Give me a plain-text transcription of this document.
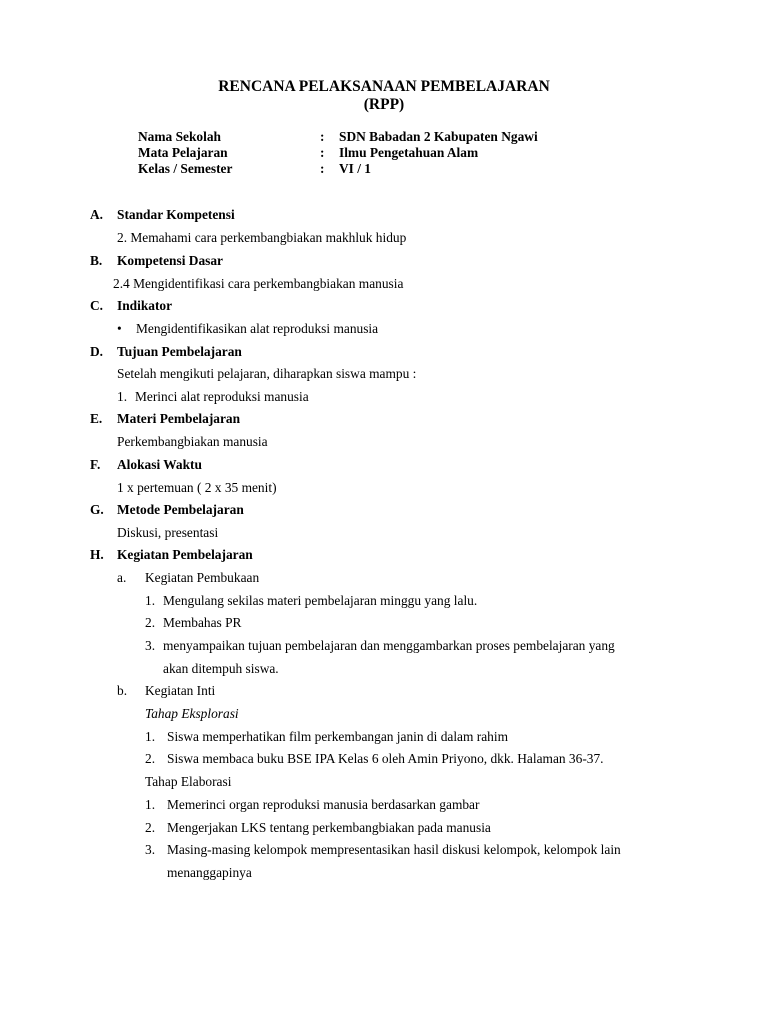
RENCANA PELAKSANAAN PEMBELAJARAN
(RPP)
Nama Sekolah	: SDN Babadan 2 Kabupaten Ngawi
Mata Pelajaran	: Ilmu Pengetahuan Alam
Kelas / Semester	: VI / 1
A. Standar Kompetensi
2. Memahami cara perkembangbiakan makhluk hidup
B. Kompetensi Dasar
2.4 Mengidentifikasi cara perkembangbiakan manusia
C. Indikator
• Mengidentifikasikan alat reproduksi manusia
D. Tujuan Pembelajaran
Setelah mengikuti pelajaran, diharapkan siswa mampu :
1. Merinci alat reproduksi manusia
E. Materi Pembelajaran
Perkembangbiakan manusia
F. Alokasi Waktu
1 x pertemuan ( 2 x 35 menit)
G. Metode Pembelajaran
Diskusi, presentasi
H. Kegiatan Pembelajaran
a. Kegiatan Pembukaan
1. Mengulang sekilas materi pembelajaran minggu yang lalu.
2. Membahas PR
3. menyampaikan tujuan pembelajaran dan menggambarkan proses pembelajaran yang
akan ditempuh siswa.
b. Kegiatan Inti
Tahap Eksplorasi
1. Siswa memperhatikan film perkembangan janin di dalam rahim
2. Siswa membaca buku BSE IPA Kelas 6 oleh Amin Priyono, dkk. Halaman 36-37.
Tahap Elaborasi
1. Memerinci organ reproduksi manusia berdasarkan gambar
2. Mengerjakan LKS tentang perkembangbiakan pada manusia
3. Masing-masing kelompok mempresentasikan hasil diskusi kelompok, kelompok lain
menanggapinya
